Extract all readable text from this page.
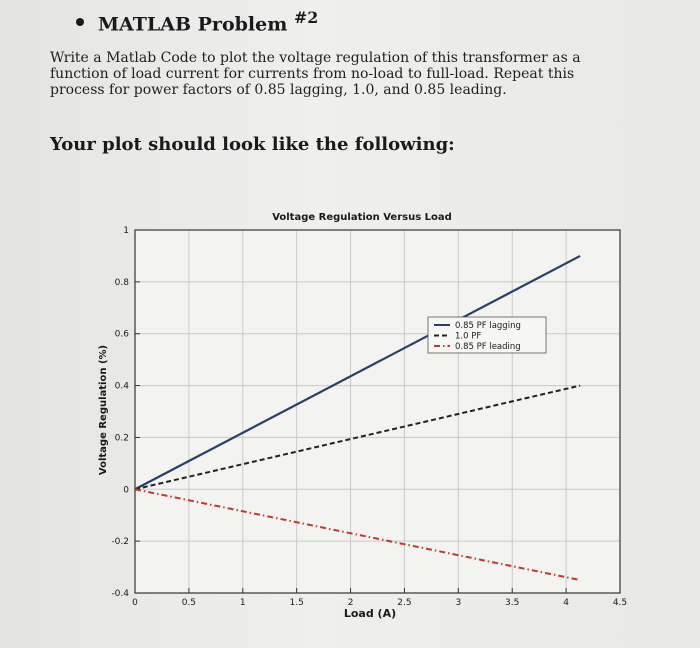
MATLAB Problem $^{\#2}$
Write a Matlab Code to plot the voltage regulation of this transformer as a function of load current for currents from no-load to full-load. Repeat this process for power factors of 0.85 lagging, 1.0, and 0.85 leading.
Your plot should look like the following:
Voltage Regulation Versus Load
Load (A)
Voltage Regulation (%)
0	0.5	1	1.5	2	2.5	3	3.5	4	4.5
-0.4
-0.2
0
0.2
0.4
0.6
0.8
1
0.85 PF lagging
1.0 PF
0.85 PF leading
